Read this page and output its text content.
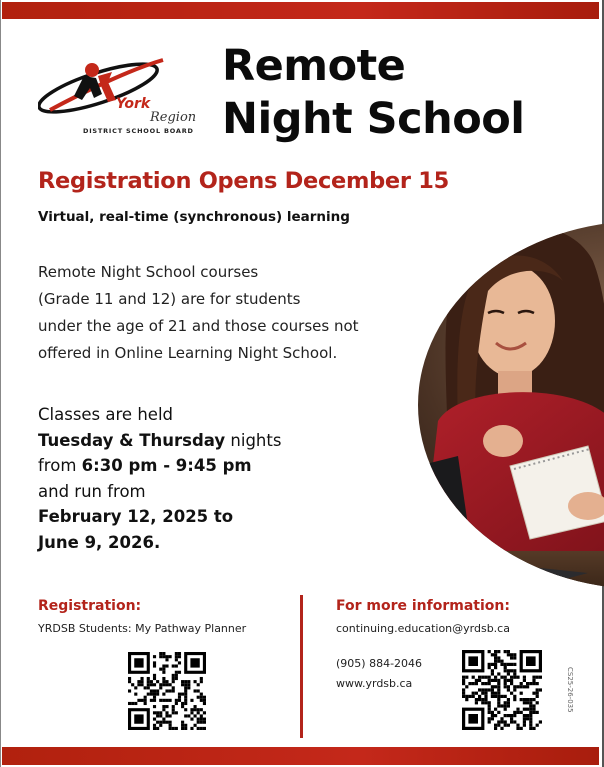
York
Region
DISTRICT SCHOOL BOARD
Remote
Night School
Registration Opens December 15
Virtual, real-time (synchronous) learning
Remote Night School courses
(Grade 11 and 12) are for students
under the age of 21 and those courses not
offered in Online Learning Night School.
Classes are held
Tuesday & Thursday nights
from 6:30 pm - 9:45 pm
and run from
February 12, 2025 to
June 9, 2026.
Registration:
YRDSB Students: My Pathway Planner
For more information:
continuing.education@yrdsb.ca
(905) 884-2046
www.yrdsb.ca	CS25-26-035
